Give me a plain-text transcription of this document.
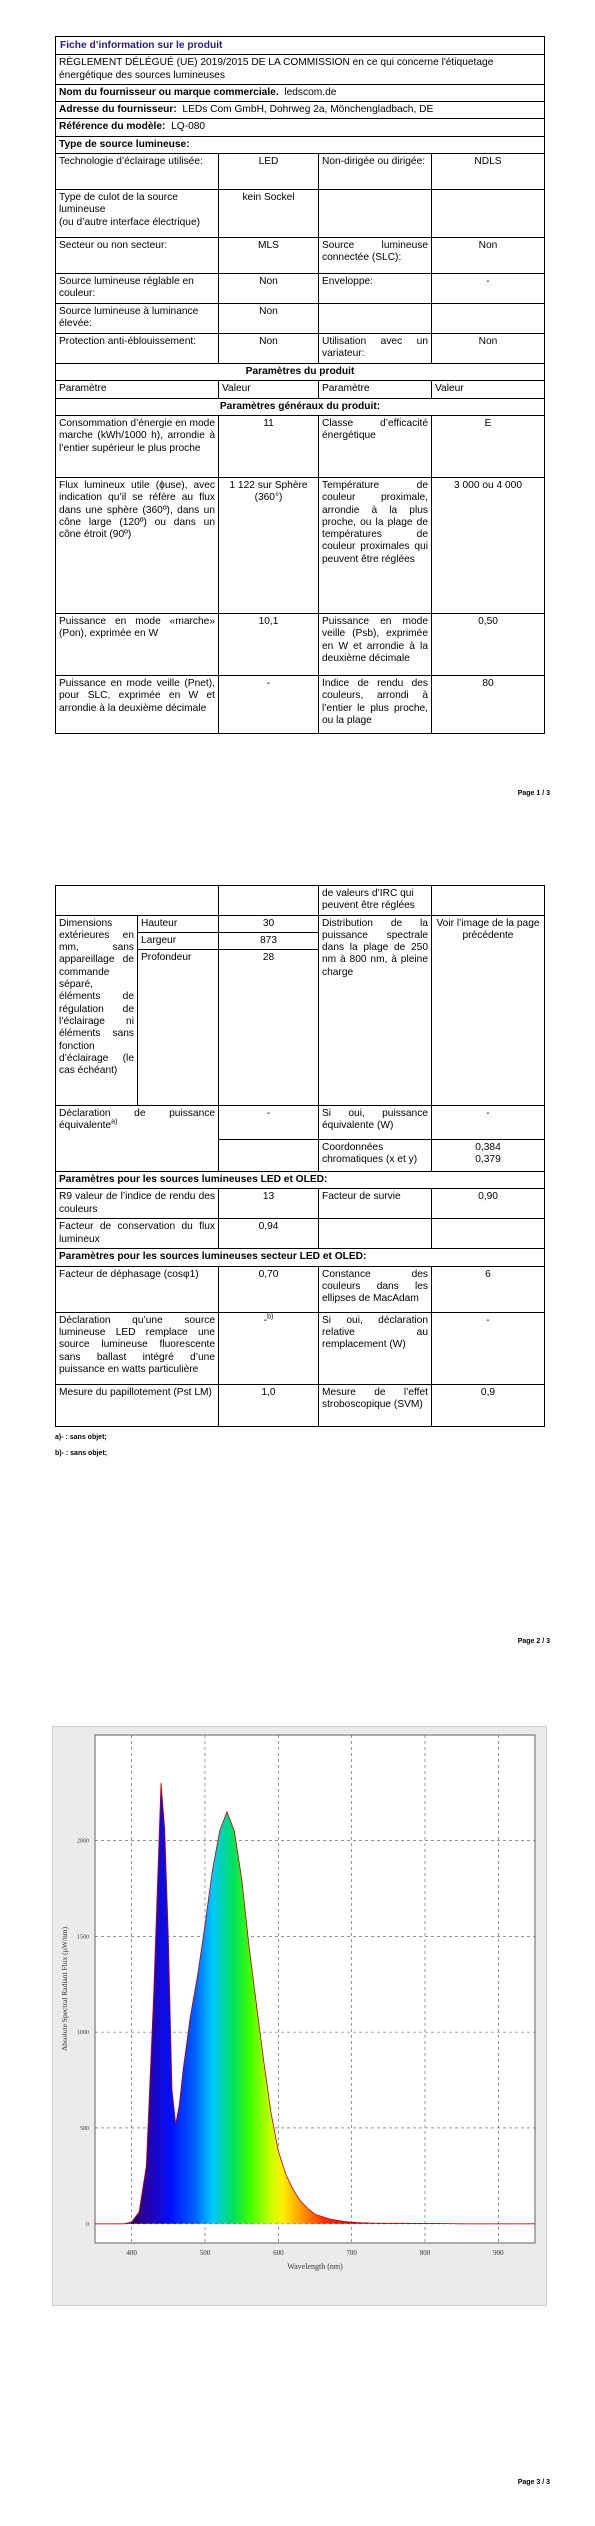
Fiche d’information sur le produit			
RÈGLEMENT DÉLÉGUÉ (UE) 2019/2015 DE LA COMMISSION en ce qui concerne l'étiquetage énergétique des sources lumineuses			
Nom du fournisseur ou marque commerciale. ledscom.de			
Adresse du fournisseur: LEDs Com GmbH, Dohrweg 2a, Mönchengladbach, DE			
Référence du modèle: LQ-080			
Type de source lumineuse:			
Technologie d’éclairage utilisée:	LED	Non-dirigée ou dirigée:	NDLS
Type de culot de la source lumineuse
(ou d’autre interface électrique)	kein Sockel		
Secteur ou non secteur:	MLS	Source lumineuse connectée (SLC):	Non
Source lumineuse réglable en couleur:	Non	Enveloppe:	-
Source lumineuse à luminance élevée:	Non		
Protection anti-éblouissement:	Non	Utilisation avec un variateur:	Non
Paramètres du produit			
Paramètre	Valeur	Paramètre	Valeur
Paramètres généraux du produit:			
Consommation d’énergie en mode marche (kWh/1000 h), arrondie à l’entier supérieur le plus proche	11	Classe d’efficacité énergétique	E
Flux lumineux utile (ϕuse), avec indication qu’il se réfère au flux dans une sphère (360º), dans un cône large (120º) ou dans un cône étroit (90º)	1 122 sur Sphère (360°)	Température de couleur proximale, arrondie à la plus proche, ou la plage de températures de couleur proximales qui peuvent être réglées	3 000 ou 4 000
Puissance en mode «marche» (Pon), exprimée en W	10,1	Puissance en mode veille (Psb), exprimée en W et arrondie à la deuxième décimale	0,50
Puissance en mode veille (Pnet), pour SLC, exprimée en W et arrondie à la deuxième décimale	-	Indice de rendu des couleurs, arrondi à l’entier le plus proche, ou la plage	80
Page 1 / 3
			de valeurs d’IRC qui peuvent être réglées	
Dimensions extérieures en mm, sans appareillage de commande séparé, éléments de régulation de l’éclairage ni éléments sans fonction d’éclairage (le cas échéant)	Hauteur	30	Distribution de la puissance spectrale dans la plage de 250 nm à 800 nm, à pleine charge	Voir l’image de la page précédente
	Largeur	873		
	Profondeur	28		
Déclaration de puissance équivalente$^{a)}$		-	Si oui, puissance équivalente (W)	-
			Coordonnées chromatiques (x et y)	0,384
0,379

Paramètres pour les sources lumineuses LED et OLED:				
R9 valeur de l’indice de rendu des couleurs		13	Facteur de survie	0,90
Facteur de conservation du flux lumineux		0,94		
Paramètres pour les sources lumineuses secteur LED et OLED:				
Facteur de déphasage (cosφ1)		0,70	Constance des couleurs dans les ellipses de MacAdam	6
Déclaration qu’une source lumineuse LED remplace une source lumineuse fluorescente sans ballast intégré d’une puissance en watts particulière		-$^{b)}$	Si oui, déclaration relative au remplacement (W)	-
Mesure du papillotement (Pst LM)		1,0	Mesure de l’effet stroboscopique (SVM)	0,9
a)- : sans objet;
b)- : sans objet;
Page 2 / 3
400	500	600	700	800	900
0
500
1000
1500
2000
Wavelength (nm)
Absolute Spectral Radiant Flux (µW/nm)
Page 3 / 3
